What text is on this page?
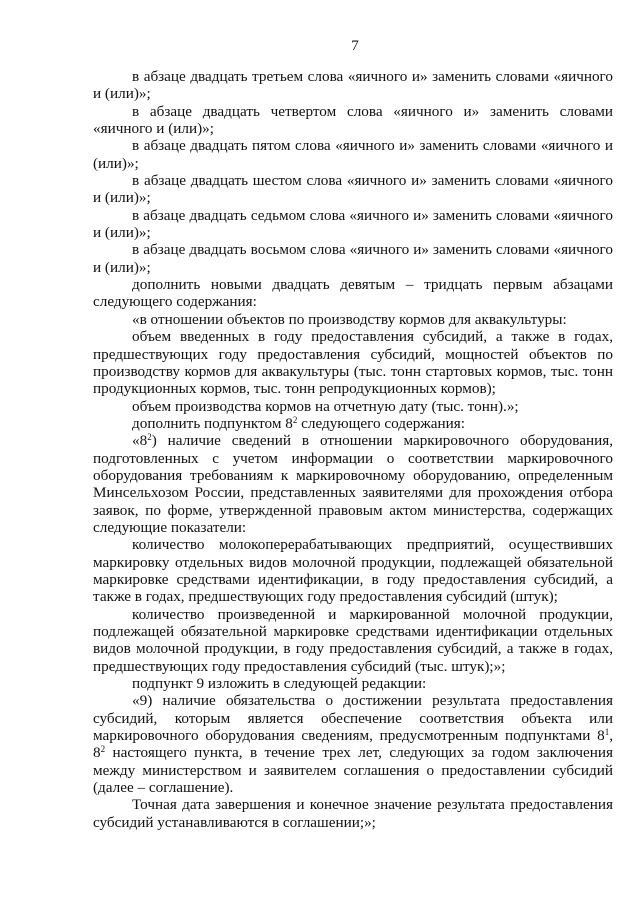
7

в абзаце двадцать третьем слова «яичного и» заменить словами «яичного и (или)»;

в абзаце двадцать четвертом слова «яичного и» заменить словами «яичного и (или)»;

в абзаце двадцать пятом слова «яичного и» заменить словами «яичного и (или)»;

в абзаце двадцать шестом слова «яичного и» заменить словами «яичного и (или)»;

в абзаце двадцать седьмом слова «яичного и» заменить словами «яичного и (или)»;

в абзаце двадцать восьмом слова «яичного и» заменить словами «яичного и (или)»;

дополнить новыми двадцать девятым – тридцать первым абзацами следующего содержания:

«в отношении объектов по производству кормов для аквакультуры:

объем введенных в году предоставления субсидий, а также в годах, предшествующих году предоставления субсидий, мощностей объектов по производству кормов для аквакультуры (тыс. тонн стартовых кормов, тыс. тонн продукционных кормов, тыс. тонн репродукционных кормов);

объем производства кормов на отчетную дату (тыс. тонн).»;

дополнить подпунктом $8^2$ следующего содержания:

«$8^2$) наличие сведений в отношении маркировочного оборудования, подготовленных с учетом информации о соответствии маркировочного оборудования требованиям к маркировочному оборудованию, определенным Минсельхозом России, представленных заявителями для прохождения отбора заявок, по форме, утвержденной правовым актом министерства, содержащих следующие показатели:

количество молокоперерабатывающих предприятий, осуществивших маркировку отдельных видов молочной продукции, подлежащей обязательной маркировке средствами идентификации, в году предоставления субсидий, а также в годах, предшествующих году предоставления субсидий (штук);

количество произведенной и маркированной молочной продукции, подлежащей обязательной маркировке средствами идентификации отдельных видов молочной продукции, в году предоставления субсидий, а также в годах, предшествующих году предоставления субсидий (тыс. штук);»;

подпункт 9 изложить в следующей редакции:

«9) наличие обязательства о достижении результата предоставления субсидий, которым является обеспечение соответствия объекта или маркировочного оборудования сведениям, предусмотренным подпунктами $8^1$, $8^2$ настоящего пункта, в течение трех лет, следующих за годом заключения между министерством и заявителем соглашения о предоставлении субсидий (далее – соглашение).

Точная дата завершения и конечное значение результата предоставления субсидий устанавливаются в соглашении;»;
